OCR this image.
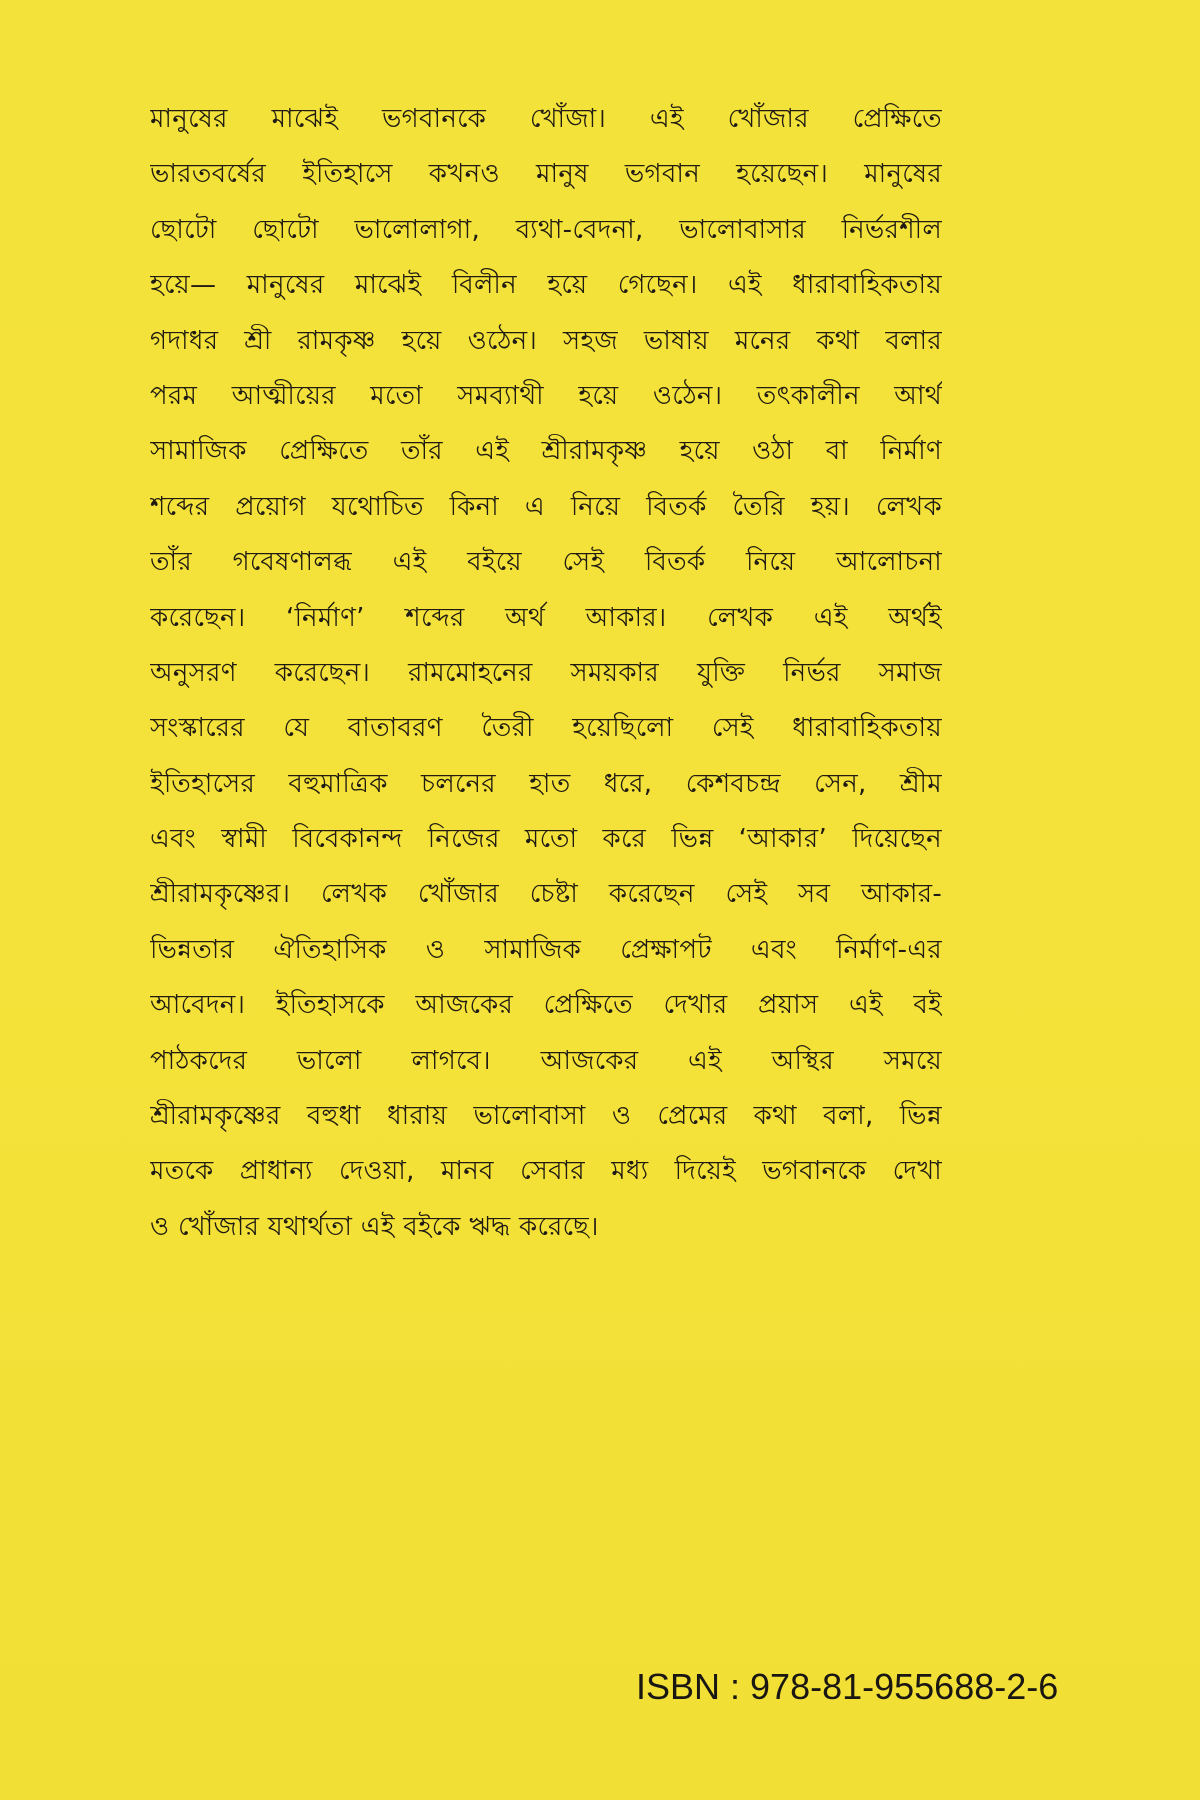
মানুষের মাঝেই ভগবানকে খোঁজা। এই খোঁজার প্রেক্ষিতে
ভারতবর্ষের ইতিহাসে কখনও মানুষ ভগবান হয়েছেন। মানুষের
ছোটো ছোটো ভালোলাগা, ব্যথা-বেদনা, ভালোবাসার নির্ভরশীল
হয়ে— মানুষের মাঝেই বিলীন হয়ে গেছেন। এই ধারাবাহিকতায়
গদাধর শ্রী রামকৃষ্ণ হয়ে ওঠেন। সহজ ভাষায় মনের কথা বলার
পরম আত্মীয়ের মতো সমব্যাথী হয়ে ওঠেন। তৎকালীন আর্থ
সামাজিক প্রেক্ষিতে তাঁর এই শ্রীরামকৃষ্ণ হয়ে ওঠা বা নির্মাণ
শব্দের প্রয়োগ যথোচিত কিনা এ নিয়ে বিতর্ক তৈরি হয়। লেখক
তাঁর গবেষণালব্ধ এই বইয়ে সেই বিতর্ক নিয়ে আলোচনা
করেছেন। ‘নির্মাণ’ শব্দের অর্থ আকার। লেখক এই অর্থই
অনুসরণ করেছেন। রামমোহনের সময়কার যুক্তি নির্ভর সমাজ
সংস্কারের যে বাতাবরণ তৈরী হয়েছিলো সেই ধারাবাহিকতায়
ইতিহাসের বহুমাত্রিক চলনের হাত ধরে, কেশবচন্দ্র সেন, শ্রীম
এবং স্বামী বিবেকানন্দ নিজের মতো করে ভিন্ন ‘আকার’ দিয়েছেন
শ্রীরামকৃষ্ণের। লেখক খোঁজার চেষ্টা করেছেন সেই সব আকার-
ভিন্নতার ঐতিহাসিক ও সামাজিক প্রেক্ষাপট এবং নির্মাণ-এর
আবেদন। ইতিহাসকে আজকের প্রেক্ষিতে দেখার প্রয়াস এই বই
পাঠকদের ভালো লাগবে। আজকের এই অস্থির সময়ে
শ্রীরামকৃষ্ণের বহুধা ধারায় ভালোবাসা ও প্রেমের কথা বলা, ভিন্ন
মতকে প্রাধান্য দেওয়া, মানব সেবার মধ্য দিয়েই ভগবানকে দেখা
ও খোঁজার যথার্থতা এই বইকে ঋদ্ধ করেছে।
ISBN : 978-81-955688-2-6
